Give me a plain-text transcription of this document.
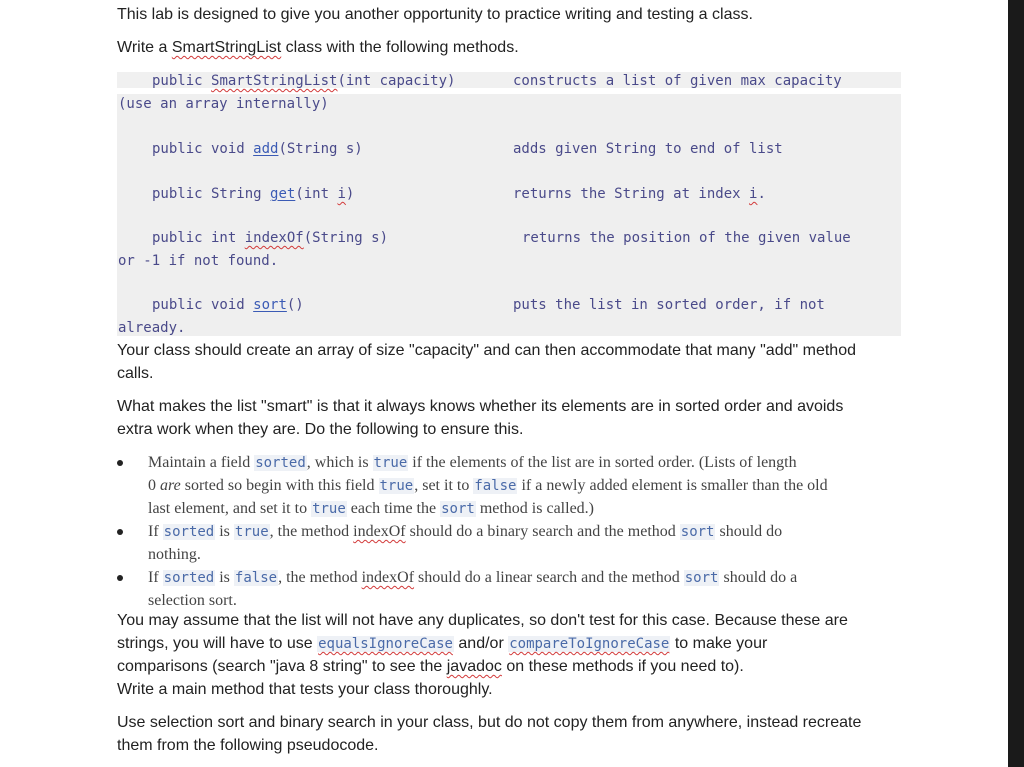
This lab is designed to give you another opportunity to practice writing and testing a class.

Write a SmartStringList class with the following methods.

public SmartStringList(int capacity)	constructs a list of given max capacity
(use an array internally)
public void add(String s)	adds given String to end of list
public String get(int i)	returns the String at index i.
public int indexOf(String s)	returns the position of the given value
or -1 if not found.
public void sort()	puts the list in sorted order, if not
already.

Your class should create an array of size "capacity" and can then accommodate that many "add" method

calls.

What makes the list "smart" is that it always knows whether its elements are in sorted order and avoids

extra work when they are. Do the following to ensure this.

Maintain a field sorted, which is true if the elements of the list are in sorted order. (Lists of length
0 are sorted so begin with this field true, set it to false if a newly added element is smaller than the old
last element, and set it to true each time the sort method is called.)
If sorted is true, the method indexOf should do a binary search and the method sort should do
nothing.
If sorted is false, the method indexOf should do a linear search and the method sort should do a
selection sort.

You may assume that the list will not have any duplicates, so don't test for this case. Because these are

strings, you will have to use equalsIgnoreCase and/or compareToIgnoreCase to make your

comparisons (search "java 8 string" to see the javadoc on these methods if you need to).

Write a main method that tests your class thoroughly.

Use selection sort and binary search in your class, but do not copy them from anywhere, instead recreate

them from the following pseudocode.
